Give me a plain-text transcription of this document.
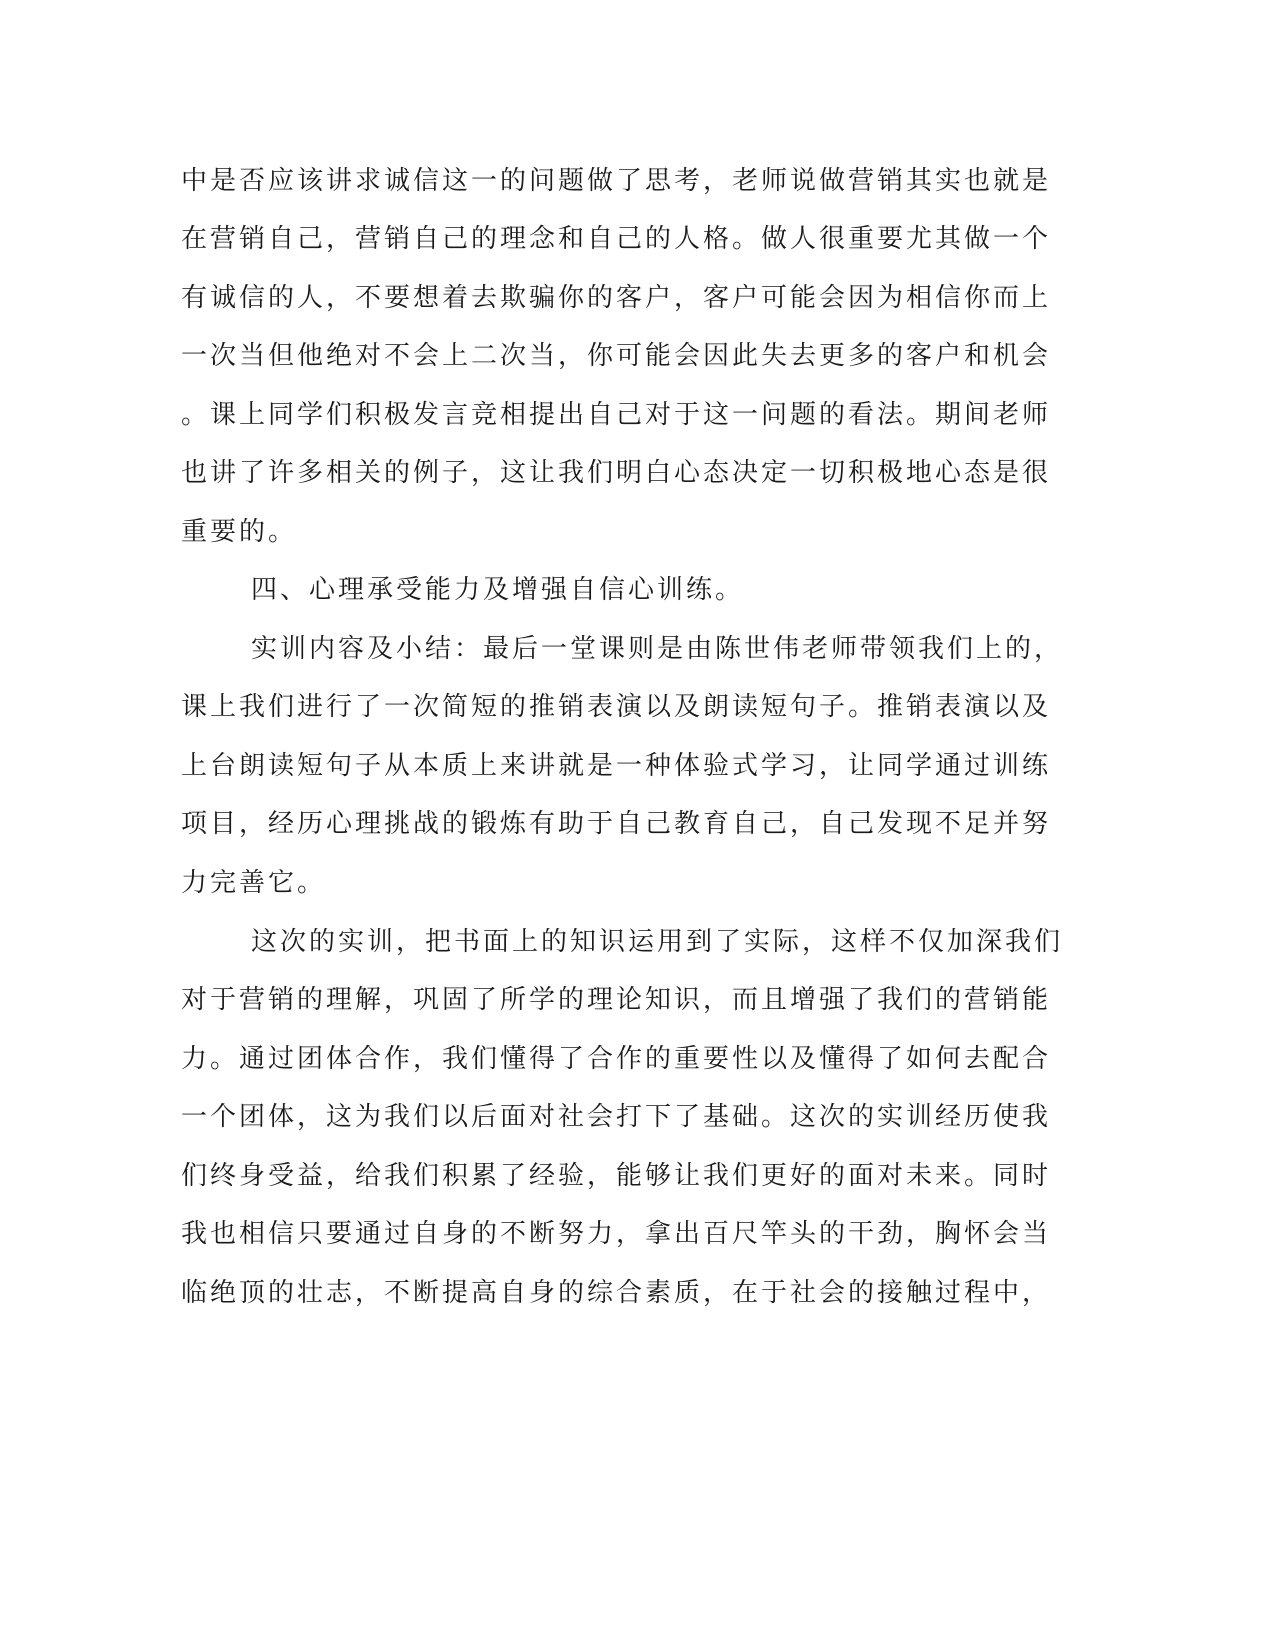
中是否应该讲求诚信这一的问题做了思考，老师说做营销其实也就是
在营销自己，营销自己的理念和自己的人格。做人很重要尤其做一个
有诚信的人，不要想着去欺骗你的客户，客户可能会因为相信你而上
一次当但他绝对不会上二次当，你可能会因此失去更多的客户和机会
。课上同学们积极发言竞相提出自己对于这一问题的看法。期间老师
也讲了许多相关的例子，这让我们明白心态决定一切积极地心态是很
重要的。
四、心理承受能力及增强自信心训练。
实训内容及小结：最后一堂课则是由陈世伟老师带领我们上的，
课上我们进行了一次简短的推销表演以及朗读短句子。推销表演以及
上台朗读短句子从本质上来讲就是一种体验式学习，让同学通过训练
项目，经历心理挑战的锻炼有助于自己教育自己，自己发现不足并努
力完善它。
这次的实训，把书面上的知识运用到了实际，这样不仅加深我们
对于营销的理解，巩固了所学的理论知识，而且增强了我们的营销能
力。通过团体合作，我们懂得了合作的重要性以及懂得了如何去配合
一个团体，这为我们以后面对社会打下了基础。这次的实训经历使我
们终身受益，给我们积累了经验，能够让我们更好的面对未来。同时
我也相信只要通过自身的不断努力，拿出百尺竿头的干劲，胸怀会当
临绝顶的壮志，不断提高自身的综合素质，在于社会的接触过程中，
